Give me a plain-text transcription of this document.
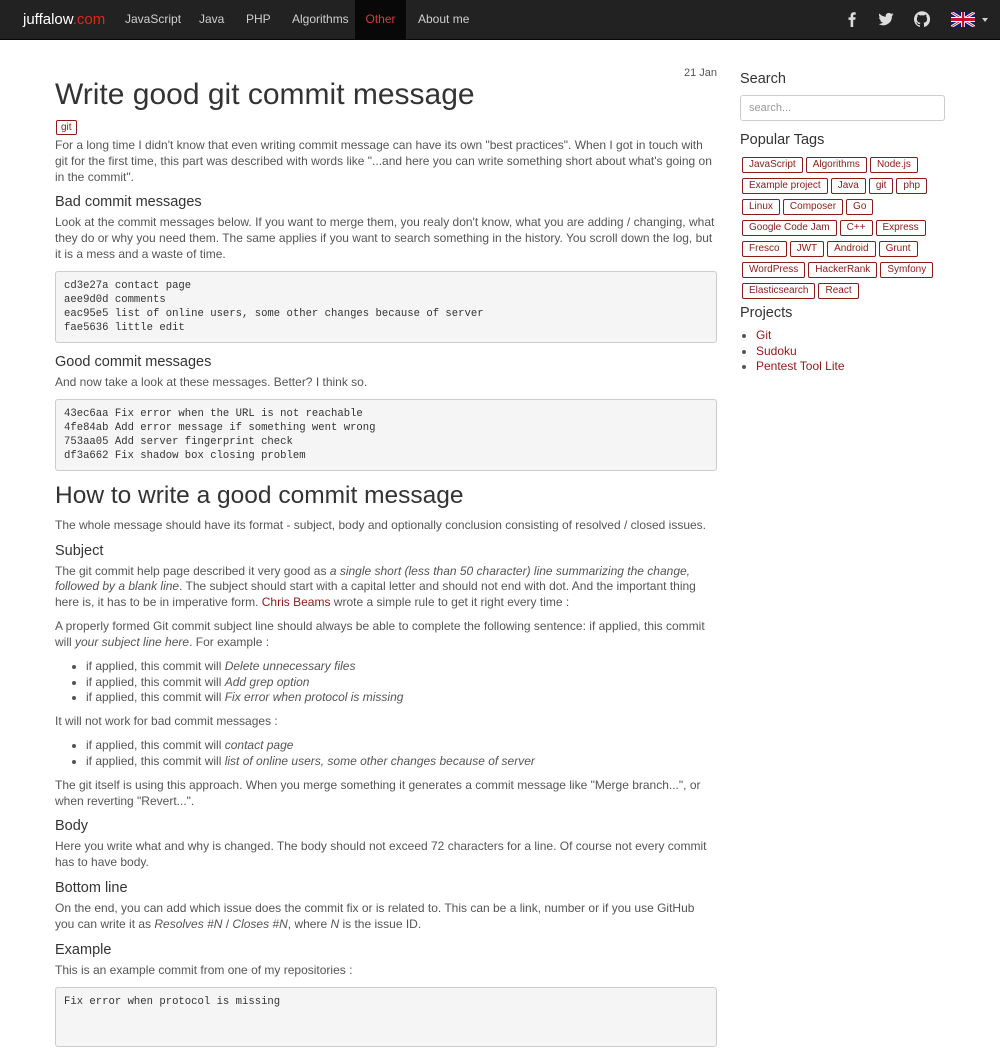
juffalow.com JavaScript Java PHP Algorithms	Other	About me
21 Jan
Write good git commit message
git

For a long time I didn't know that even writing commit message can have its own "best practices". When I got in touch with git for the first time, this part was described with words like "...and here you can write something short about what's going on in the commit".

Bad commit messages

Look at the commit messages below. If you want to merge them, you realy don't know, what you are adding / changing, what they do or why you need them. The same applies if you want to search something in the history. You scroll down the log, but it is a mess and a waste of time.

cd3e27a contact page
aee9d0d comments
eac95e5 list of online users, some other changes because of server
fae5636 little edit
Good commit messages

And now take a look at these messages. Better? I think so.

43ec6aa Fix error when the URL is not reachable
4fe84ab Add error message if something went wrong
753aa05 Add server fingerprint check
df3a662 Fix shadow box closing problem
How to write a good commit message

The whole message should have its format - subject, body and optionally conclusion consisting of resolved / closed issues.

Subject

The git commit help page described it very good as a single short (less than 50 character) line summarizing the change, followed by a blank line. The subject should start with a capital letter and should not end with dot. And the important thing here is, it has to be in imperative form. Chris Beams wrote a simple rule to get it right every time :

A properly formed Git commit subject line should always be able to complete the following sentence: if applied, this commit will your subject line here. For example :

• if applied, this commit will Delete unnecessary files
• if applied, this commit will Add grep option
• if applied, this commit will Fix error when protocol is missing

It will not work for bad commit messages :

• if applied, this commit will contact page
• if applied, this commit will list of online users, some other changes because of server

The git itself is using this approach. When you merge something it generates a commit message like "Merge branch...", or when reverting "Revert...".

Body

Here you write what and why is changed. The body should not exceed 72 characters for a line. Of course not every commit has to have body.

Bottom line

On the end, you can add which issue does the commit fix or is related to. This can be a link, number or if you use GitHub you can write it as Resolves #N / Closes #N, where N is the issue ID.

Example

This is an example commit from one of my repositories :

Fix error when protocol is missing
Search
search...
Popular Tags
JavaScript	Algorithms	Node.js
Example project	Java	git	php
Linux	Composer	Go
Google Code Jam	C++	Express
Fresco	JWT	Android	Grunt
WordPress	HackerRank	Symfony
Elasticsearch	React
Projects
• Git
• Sudoku
• Pentest Tool Lite
